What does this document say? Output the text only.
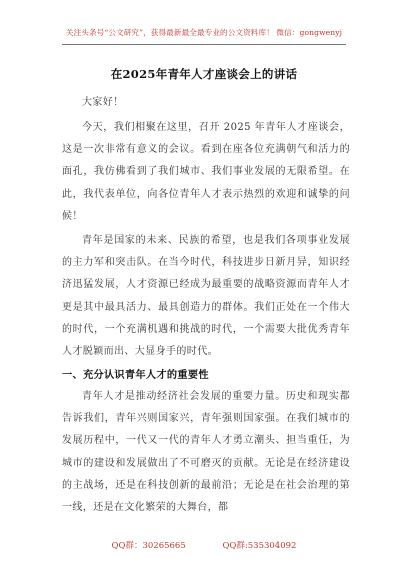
关注头条号“公文研究”，获得最新最全最专业的公文资料库！ 微信：gongwenyj
在2025年青年人才座谈会上的讲话
大家好！

今天，我们相聚在这里，召开 2025 年青年人才座谈会，这是一次非常有意义的会议。看到在座各位充满朝气和活力的面孔，我仿佛看到了我们城市、我们事业发展的无限希望。在此，我代表单位，向各位青年人才表示热烈的欢迎和诚挚的问候！

青年是国家的未来、民族的希望，也是我们各项事业发展的主力军和突击队。在当今时代，科技进步日新月异，知识经济迅猛发展，人才资源已经成为最重要的战略资源而青年人才更是其中最具活力、最具创造力的群体。我们正处在一个伟大的时代，一个充满机遇和挑战的时代，一个需要大批优秀青年人才脱颖而出、大显身手的时代。

一、充分认识青年人才的重要性

青年人才是推动经济社会发展的重要力量。历史和现实都告诉我们，青年兴则国家兴，青年强则国家强。在我们城市的发展历程中，一代又一代的青年人才勇立潮头、担当重任，为城市的建设和发展做出了不可磨灭的贡献。无论是在经济建设的主战场，还是在科技创新的最前沿；无论是在社会治理的第一线，还是在文化繁荣的大舞台，都

QQ群：30265665	QQ群:535304092
